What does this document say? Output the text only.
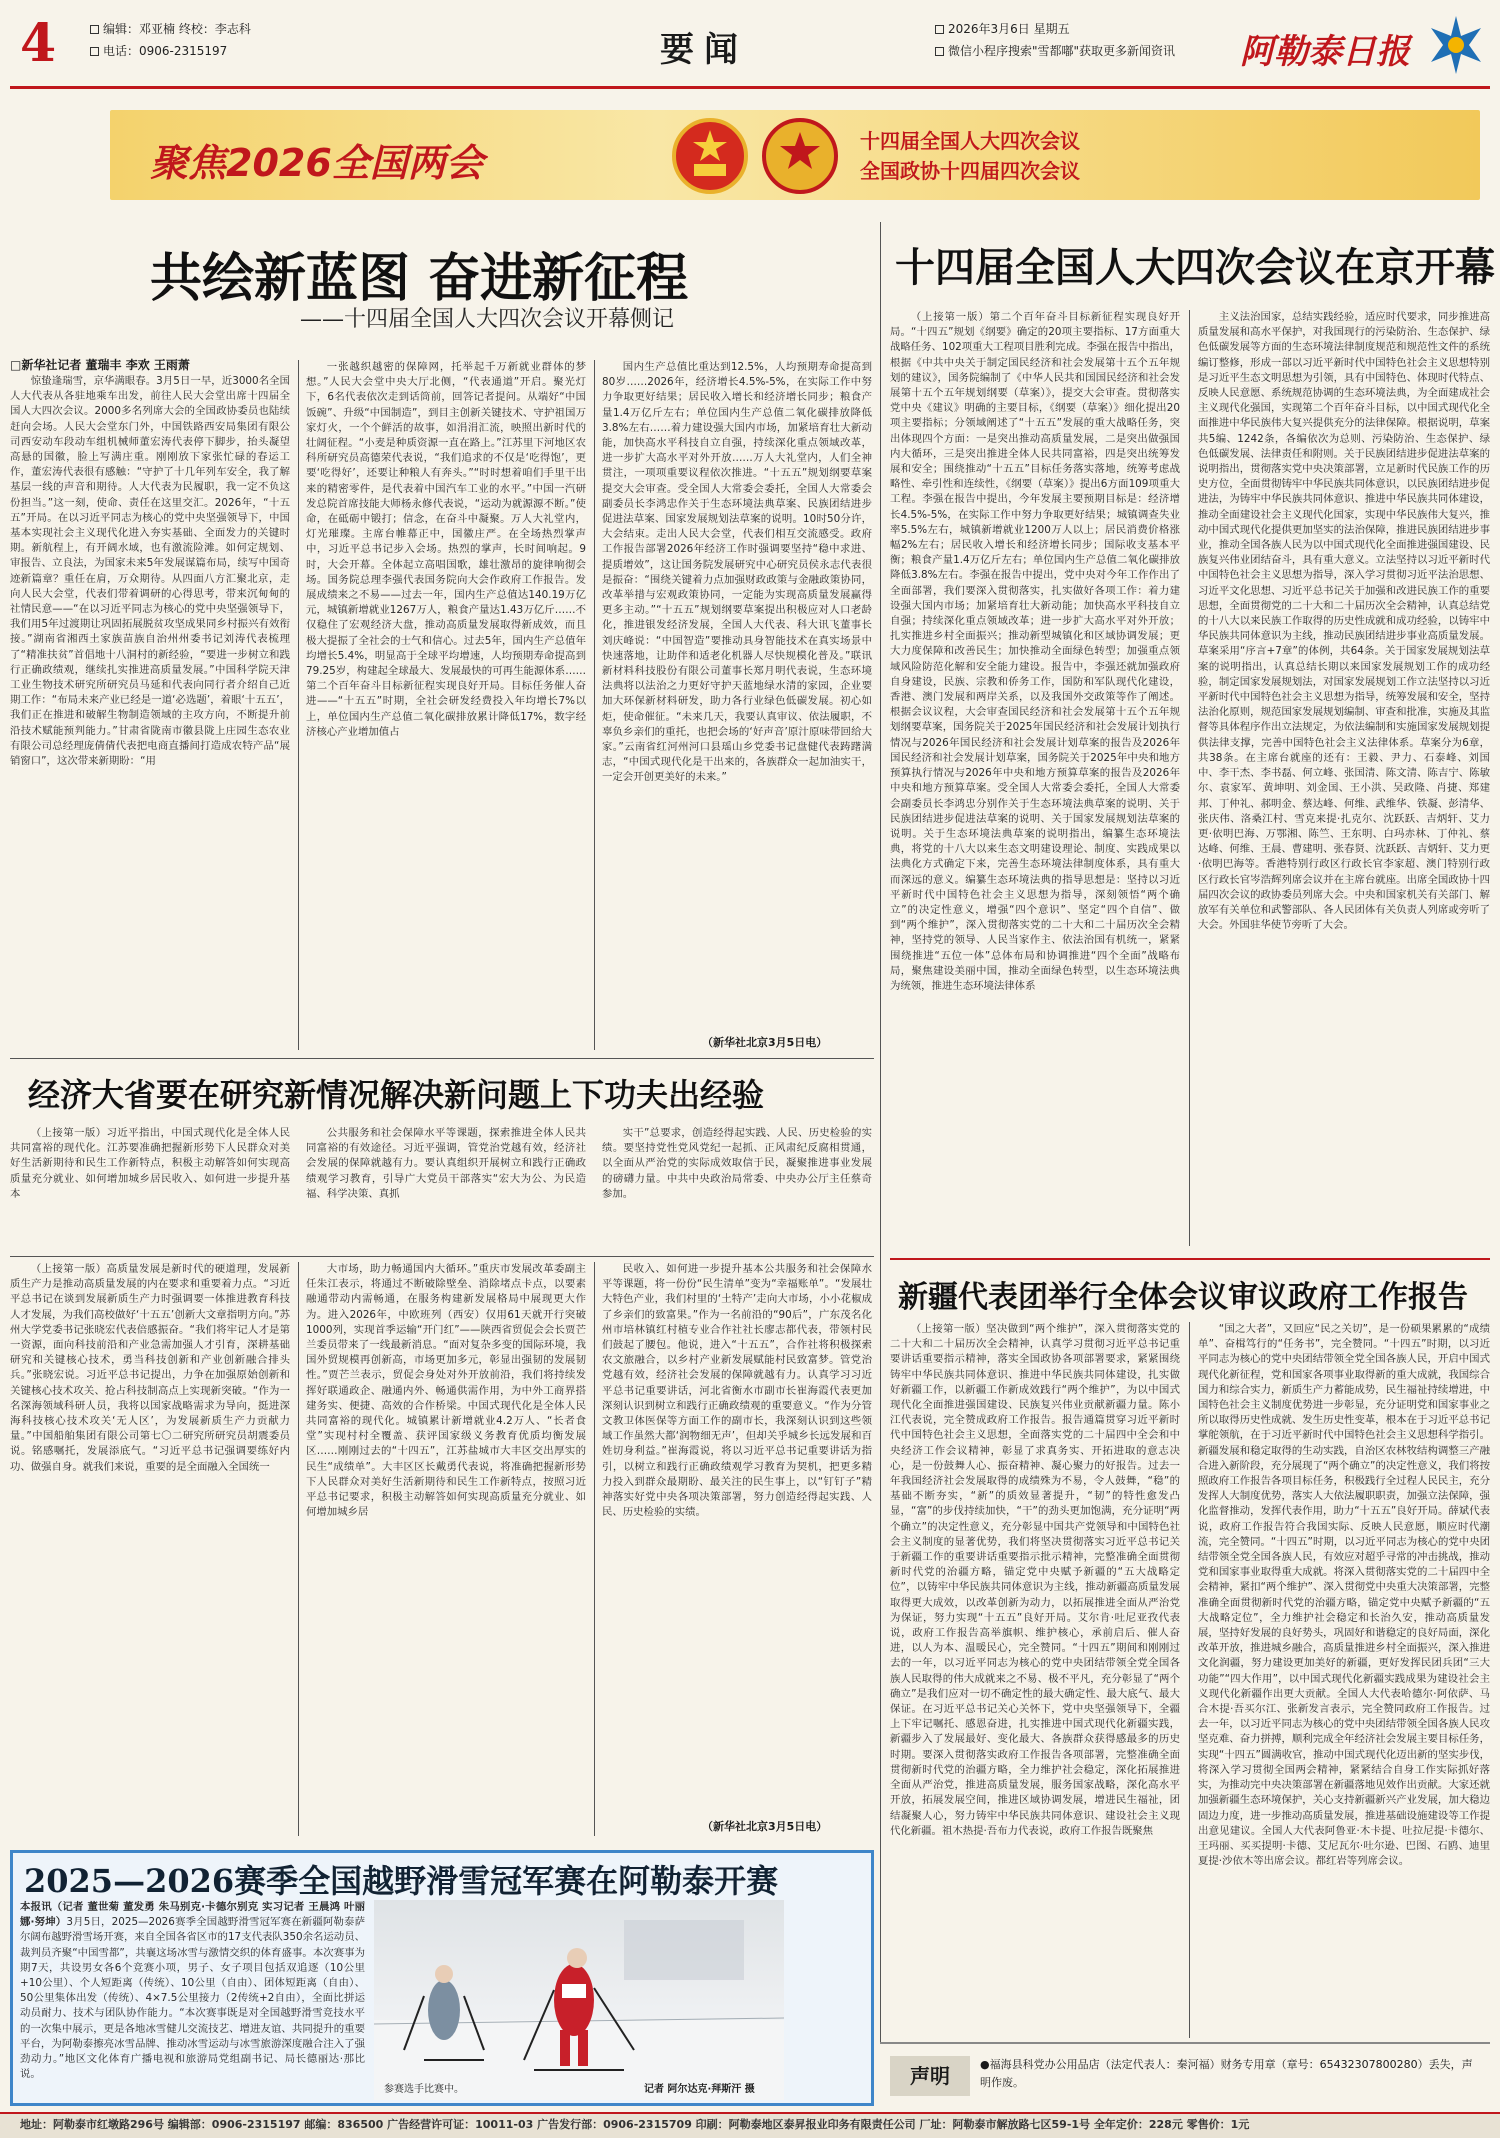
4	编辑：邓亚楠 终校：李志科
电话：0906-2315197	要闻
2026年3月6日 星期五
微信小程序搜索"雪都嘟"获取更多新闻资讯 阿勒泰日报
聚焦2026全国两会	十四届全国人大四次会议
全国政协十四届四次会议
共绘新蓝图 奋进新征程
——十四届全国人大四次会议开幕侧记
□新华社记者 董瑞丰 李欢 王雨萧

惊蛰逢瑞雪，京华满眼春。3月5日一早，近3000名全国人大代表从各驻地乘车出发，前往人民大会堂出席十四届全国人大四次会议。2000多名列席大会的全国政协委员也陆续赶向会场。人民大会堂东门外，中国铁路西安局集团有限公司西安动车段动车组机械师董宏涛代表停下脚步，抬头凝望高悬的国徽，脸上写满庄重。刚刚放下家张忙碌的春运工作，董宏涛代表很有感触：“守护了十几年列车安全，我了解基层一线的声音和期待。人大代表为民履职，我一定不负这份担当。”这一刻，使命、责任在这里交汇。2026年，“十五五”开局。在以习近平同志为核心的党中央坚强领导下，中国基本实现社会主义现代化进入夯实基础、全面发力的关键时期。新航程上，有开阔水域，也有激流险滩。如何定规划、审报告、立良法，为国家未来5年发展谋篇布局，续写中国奇迹新篇章？重任在肩，万众期待。从四面八方汇聚北京，走向人民大会堂，代表们带着调研的心得思考，带来沉甸甸的社情民意——“在以习近平同志为核心的党中央坚强领导下，我们用5年过渡期让巩固拓展脱贫攻坚成果同乡村振兴有效衔接。”湖南省湘西土家族苗族自治州州委书记刘涛代表梳理了“精准扶贫”首倡地十八洞村的新经验，“要进一步树立和践行正确政绩观，继续扎实推进高质量发展。”中国科学院天津工业生物技术研究所研究员马延和代表向同行者介绍自己近期工作：“布局未来产业已经是一道‘必选题’，着眼‘十五五’，我们正在推进和破解生物制造领域的主攻方向，不断提升前沿技术赋能预判能力。”甘肃省陇南市徽县陇上庄园生态农业有限公司总经理庞倩倩代表把电商直播间打造成农特产品“展销窗口”，这次带来新期盼：“用

一张越织越密的保障网，托举起千万新就业群体的梦想。”人民大会堂中央大厅北侧，“代表通道”开启。聚光灯下，6名代表依次走到话筒前，回答记者提问。从端好“中国饭碗”、升级“中国制造”，到目主创新关键技术、守护祖国万家灯火，一个个鲜活的故事，如涓涓汇流，映照出新时代的壮阔征程。“小麦是种质资源一直在路上。”江苏里下河地区农科所研究员高德荣代表说，“我们追求的不仅是‘吃得饱’，更要‘吃得好’，还要让种粮人有奔头。”“时时想着咱们手里干出来的精密零件，是代表着中国汽车工业的水平。”中国一汽研发总院首席技能大师杨永修代表说，“运动为就源源不断。”使命，在砥砺中锻打；信念，在奋斗中凝聚。万人大礼堂内，灯光璀璨。主席台帷幕正中，国徽庄严。在全场热烈掌声中，习近平总书记步入会场。热烈的掌声，长时间响起。9时，大会开幕。全体起立高唱国歌，雄壮激昂的旋律响彻会场。国务院总理李强代表国务院向大会作政府工作报告。发展成绩来之不易——过去一年，国内生产总值达140.19万亿元，城镇新增就业1267万人，粮食产量达1.43万亿斤……不仅稳住了宏观经济大盘，推动高质量发展取得新成效，而且极大提振了全社会的士气和信心。过去5年，国内生产总值年均增长5.4%，明显高于全球平均增速，人均预期寿命提高到79.25岁，构建起全球最大、发展最快的可再生能源体系……第二个百年奋斗目标新征程实现良好开局。目标任务催人奋进——“十五五”时期，全社会研发经费投入年均增长7%以上，单位国内生产总值二氧化碳排放累计降低17%，数字经济核心产业增加值占

国内生产总值比重达到12.5%，人均预期寿命提高到80岁……2026年，经济增长4.5%-5%，在实际工作中努力争取更好结果；居民收入增长和经济增长同步；粮食产量1.4万亿斤左右；单位国内生产总值二氧化碳排放降低3.8%左右……着力建设强大国内市场，加紧培育壮大新动能，加快高水平科技自立自强，持续深化重点领域改革，进一步扩大高水平对外开放……万人大礼堂内，人们全神贯注，一项项重要议程依次推进。“十五五”规划纲要草案提交大会审查。受全国人大常委会委托，全国人大常委会副委员长李鸿忠作关于生态环境法典草案、民族团结进步促进法草案、国家发展规划法草案的说明。10时50分许，大会结束。走出人民大会堂，代表们相互交流感受。政府工作报告部署2026年经济工作时强调要坚持“稳中求进、提质增效”，这让国务院发展研究中心研究员侯永志代表很是振奋：“围绕关键着力点加强财政政策与金融政策协同，改革举措与宏观政策协同，一定能为实现高质量发展赢得更多主动。”“十五五”规划纲要草案提出积极应对人口老龄化，推进银发经济发展，全国人大代表、科大讯飞董事长刘庆峰说：“中国智造”要推动具身智能技术在真实场景中快速落地，让助伴和适老化机器人尽快规模化普及。”联讯新材料科技股份有限公司董事长郑月明代表说，生态环境法典将以法治之力更好守护天蓝地绿水清的家园，企业要加大环保新材料研发，助力各行业绿色低碳发展。初心如炬，使命催征。“未来几天，我要认真审议、依法履职，不辜负乡亲们的重托，也把会场的‘好声音’原汁原味带回给大家。”云南省红河州河口县瑶山乡党委书记盘健代表踌躇满志，“中国式现代化是干出来的，各族群众一起加油实干，一定会开创更美好的未来。”

（新华社北京3月5日电）
十四届全国人大四次会议在京开幕

（上接第一版）第二个百年奋斗目标新征程实现良好开局。“十四五”规划《纲要》确定的20项主要指标、17方面重大战略任务、102项重大工程项目胜利完成。李强在报告中指出，根据《中共中央关于制定国民经济和社会发展第十五个五年规划的建议》，国务院编制了《中华人民共和国国民经济和社会发展第十五个五年规划纲要（草案）》，提交大会审查。贯彻落实党中央《建议》明确的主要目标，《纲要（草案）》细化提出20项主要指标；分领域阐述了“十五五”发展的重大战略任务，突出体现四个方面：一是突出推动高质量发展，二是突出做强国内大循环，三是突出推进全体人民共同富裕，四是突出统筹发展和安全；围绕推动“十五五”目标任务落实落地，统筹考虑战略性、牵引性和连续性，《纲要（草案）》提出6方面109项重大工程。李强在报告中提出，今年发展主要预期目标是：经济增长4.5%-5%，在实际工作中努力争取更好结果；城镇调查失业率5.5%左右，城镇新增就业1200万人以上；居民消费价格涨幅2%左右；居民收入增长和经济增长同步；国际收支基本平衡；粮食产量1.4万亿斤左右；单位国内生产总值二氧化碳排放降低3.8%左右。李强在报告中提出，党中央对今年工作作出了全面部署，我们要深入贯彻落实，扎实做好各项工作：着力建设强大国内市场；加紧培育壮大新动能；加快高水平科技自立自强；持续深化重点领域改革；进一步扩大高水平对外开放；扎实推进乡村全面振兴；推动新型城镇化和区域协调发展；更大力度保障和改善民生；加快推动全面绿色转型；加强重点领域风险防范化解和安全能力建设。报告中，李强还就加强政府自身建设，民族、宗教和侨务工作，国防和军队现代化建设，香港、澳门发展和两岸关系，以及我国外交政策等作了阐述。根据会议议程，大会审查国民经济和社会发展第十五个五年规划纲要草案，国务院关于2025年国民经济和社会发展计划执行情况与2026年国民经济和社会发展计划草案的报告及2026年国民经济和社会发展计划草案，国务院关于2025年中央和地方预算执行情况与2026年中央和地方预算草案的报告及2026年中央和地方预算草案。受全国人大常委会委托，全国人大常委会副委员长李鸿忠分别作关于生态环境法典草案的说明、关于民族团结进步促进法草案的说明、关于国家发展规划法草案的说明。关于生态环境法典草案的说明指出，编纂生态环境法典，将党的十八大以来生态文明建设理论、制度、实践成果以法典化方式确定下来，完善生态环境法律制度体系，具有重大而深远的意义。编纂生态环境法典的指导思想是：坚持以习近平新时代中国特色社会主义思想为指导，深刻领悟“两个确立”的决定性意义，增强“四个意识”、坚定“四个自信”、做到“两个维护”，深入贯彻落实党的二十大和二十届历次全会精神，坚持党的领导、人民当家作主、依法治国有机统一，紧紧围绕推进“五位一体”总体布局和协调推进“四个全面”战略布局，聚焦建设美丽中国，推动全面绿色转型，以生态环境法典为统领，推进生态环境法律体系

主义法治国家，总结实践经验，适应时代要求，同步推进高质量发展和高水平保护，对我国现行的污染防治、生态保护、绿色低碳发展等方面的生态环境法律制度规范和规范性文件的系统编订整修，形成一部以习近平新时代中国特色社会主义思想特别是习近平生态文明思想为引领，具有中国特色、体现时代特点、反映人民意愿、系统规范协调的生态环境法典，为全面建成社会主义现代化强国，实现第二个百年奋斗目标，以中国式现代化全面推进中华民族伟大复兴提供充分的法律保障。根据说明，草案共5编、1242条，各编依次为总则、污染防治、生态保护、绿色低碳发展、法律责任和附则。关于民族团结进步促进法草案的说明指出，贯彻落实党中央决策部署，立足新时代民族工作的历史方位，全面贯彻铸牢中华民族共同体意识，以民族团结进步促进法，为铸牢中华民族共同体意识、推进中华民族共同体建设，推动全面建设社会主义现代化国家，实现中华民族伟大复兴，推动中国式现代化提供更加坚实的法治保障，推进民族团结进步事业，推动全国各族人民为以中国式现代化全面推进强国建设、民族复兴伟业团结奋斗，具有重大意义。立法坚持以习近平新时代中国特色社会主义思想为指导，深入学习贯彻习近平法治思想、习近平文化思想、习近平总书记关于加强和改进民族工作的重要思想，全面贯彻党的二十大和二十届历次全会精神，认真总结党的十八大以来民族工作取得的历史性成就和成功经验，以铸牢中华民族共同体意识为主线，推动民族团结进步事业高质量发展。草案采用“序言+7章”的体例，共64条。关于国家发展规划法草案的说明指出，认真总结长期以来国家发展规划工作的成功经验，制定国家发展规划法，对国家发展规划工作立法坚持以习近平新时代中国特色社会主义思想为指导，统筹发展和安全，坚持法治化原则，规范国家发展规划编制、审查和批准，实施及其监督等具体程序作出立法规定，为依法编制和实施国家发展规划提供法律支撑，完善中国特色社会主义法律体系。草案分为6章，共38条。在主席台就座的还有：王毅、尹力、石泰峰、刘国中、李干杰、李书磊、何立峰、张国清、陈文清、陈吉宁、陈敏尔、袁家军、黄坤明、刘金国、王小洪、吴政隆、肖捷、郑建邦、丁仲礼、郝明金、蔡达峰、何维、武维华、铁凝、彭清华、张庆伟、洛桑江村、雪克来提·扎克尔、沈跃跃、吉炳轩、艾力更·依明巴海、万鄂湘、陈竺、王东明、白玛赤林、丁仲礼、蔡达峰、何维、王晨、曹建明、张春贤、沈跃跃、吉炳轩、艾力更·依明巴海等。香港特别行政区行政长官李家超、澳门特别行政区行政长官岑浩辉列席会议并在主席台就座。出席全国政协十四届四次会议的政协委员列席大会。中央和国家机关有关部门、解放军有关单位和武警部队、各人民团体有关负责人列席或旁听了大会。外国驻华使节旁听了大会。

经济大省要在研究新情况解决新问题上下功夫出经验

（上接第一版）习近平指出，中国式现代化是全体人民共同富裕的现代化。江苏要准确把握新形势下人民群众对美好生活新期待和民生工作新特点，积极主动解答如何实现高质量充分就业、如何增加城乡居民收入、如何进一步提升基本

公共服务和社会保障水平等课题，探索推进全体人民共同富裕的有效途径。习近平强调，管党治党越有效，经济社会发展的保障就越有力。要认真组织开展树立和践行正确政绩观学习教育，引导广大党员干部落实“宏大为公、为民造福、科学决策、真抓

实干”总要求，创造经得起实践、人民、历史检验的实绩。要坚持党性党风党纪一起抓、正风肃纪反腐相贯通，以全面从严治党的实际成效取信于民，凝聚推进事业发展的磅礴力量。中共中央政治局常委、中央办公厅主任蔡奇参加。

（上接第一版）高质量发展是新时代的硬道理，发展新质生产力是推动高质量发展的内在要求和重要着力点。“习近平总书记在谈到发展新质生产力时强调要一体推进教育科技人才发展，为我们高校做好‘十五五’创新大文章指明方向。”苏州大学党委书记张晓宏代表倍感振奋。“我们将牢记人才是第一资源，面向科技前沿和产业急需加强人才引育，深耕基础研究和关键核心技术，勇当科技创新和产业创新融合排头兵。”张晓宏说。习近平总书记提出，力争在加强原始创新和关键核心技术攻关、抢占科技制高点上实现新突破。“作为一名深海领域科研人员，我将以国家战略需求为导向，挺进深海科技核心技术攻关‘无人区’，为发展新质生产力贡献力量。”中国船舶集团有限公司第七〇二研究所研究员胡震委员说。铭感嘱托，发展添底气。“习近平总书记强调要练好内功、做强自身。就我们来说，重要的是全面融入全国统一

大市场，助力畅通国内大循环。”重庆市发展改革委副主任朱江表示，将通过不断破除壁垒、消除堵点卡点，以要素融通带动内需畅通，在服务构建新发展格局中展现更大作为。进入2026年，中欧班列（西安）仅用61天就开行突破1000列，实现首季运输“开门红”——陕西省贸促会会长贾芒兰委员带来了一线最新消息。“面对复杂多变的国际环境，我国外贸规模再创新高，市场更加多元，彰显出强韧的发展韧性。”贾芒兰表示，贸促会身处对外开放前沿，我们将持续发挥好联通政企、融通内外、畅通供需作用，为中外工商界搭建务实、便捷、高效的合作桥梁。中国式现代化是全体人民共同富裕的现代化。城镇累计新增就业4.2万人、“长者食堂”实现村村全覆盖、获评国家级义务教育优质均衡发展区……刚刚过去的“十四五”，江苏盐城市大丰区交出厚实的民生“成绩单”。大丰区区长戴勇代表说，将准确把握新形势下人民群众对美好生活新期待和民生工作新特点，按照习近平总书记要求，积极主动解答如何实现高质量充分就业、如何增加城乡居

民收入、如何进一步提升基本公共服务和社会保障水平等课题，将一份份“民生清单”变为“幸福账单”。“发展壮大特色产业，我们村里的‘土特产’走向大市场，小小花椒成了乡亲们的致富果。”作为一名前沿的“90后”，广东茂名化州市培林镇红村植专业合作社社长廖志都代表，带领村民们鼓起了腰包。他说，进入“十五五”，合作社将积极探索农文旅融合，以乡村产业新发展赋能村民致富梦。管党治党越有效，经济社会发展的保障就越有力。认真学习习近平总书记重要讲话，河北省衡水市副市长崔海霞代表更加深刻认识到树立和践行正确政绩观的重要意义。“作为分管文教卫体医保等方面工作的副市长，我深刻认识到这些领域工作虽然大都‘润物细无声’，但却关乎城乡长远发展和百姓切身利益。”崔海霞说，将以习近平总书记重要讲话为指引，以树立和践行正确政绩观学习教育为契机，把更多精力投入到群众最期盼、最关注的民生事上，以“钉钉子”精神落实好党中央各项决策部署，努力创造经得起实践、人民、历史检验的实绩。

（新华社北京3月5日电）
2025—2026赛季全国越野滑雪冠军赛在阿勒泰开赛
本报讯（记者 董世菊 董发勇 朱马别克·卡德尔别克 实习记者 王晨鸿 叶丽娜·努坤）3月5日，2025—2026赛季全国越野滑雪冠军赛在新疆阿勒泰萨尔阔布越野滑雪场开赛，来自全国各省区市的17支代表队350余名运动员、裁判员齐聚“中国雪都”，共襄这场冰雪与激情交织的体育盛事。本次赛事为期7天，共设男女各6个竞赛小项，男子、女子项目包括双追逐（10公里+10公里）、个人短距离（传统）、10公里（自由）、团体短距离（自由）、50公里集体出发（传统）、4×7.5公里接力（2传统+2自由），全面比拼运动员耐力、技术与团队协作能力。“本次赛事既是对全国越野滑雪竞技水平的一次集中展示，更是各地冰雪健儿交流技艺、增进友谊、共同提升的重要平台，为阿勒泰擦亮冰雪品牌、推动冰雪运动与冰雪旅游深度融合注入了强劲动力。”地区文化体育广播电视和旅游局党组副书记、局长德丽达·那比说。
参赛选手比赛中。	记者 阿尔达克·拜斯汗 摄
新疆代表团举行全体会议审议政府工作报告

（上接第一版）坚决做到“两个维护”，深入贯彻落实党的二十大和二十届历次全会精神，认真学习贯彻习近平总书记重要讲话重要指示精神，落实全国政协各项部署要求，紧紧围绕铸牢中华民族共同体意识、推进中华民族共同体建设，扎实做好新疆工作，以新疆工作新成效践行“两个维护”，为以中国式现代化全面推进强国建设、民族复兴伟业贡献新疆力量。陈小江代表说，完全赞成政府工作报告。报告通篇贯穿习近平新时代中国特色社会主义思想，全面落实党的二十届四中全会和中央经济工作会议精神，彰显了求真务实、开拓进取的意志决心，是一份鼓舞人心、振奋精神、凝心聚力的好报告。过去一年我国经济社会发展取得的成绩殊为不易，令人鼓舞，“稳”的基础不断夯实，“新”的质效显著提升，“韧”的特性愈发凸显，“富”的步伐持续加快，“干”的劲头更加饱满，充分证明“两个确立”的决定性意义，充分彰显中国共产党领导和中国特色社会主义制度的显著优势，我们将坚决贯彻落实习近平总书记关于新疆工作的重要讲话重要指示批示精神，完整准确全面贯彻新时代党的治疆方略，锚定党中央赋予新疆的“五大战略定位”，以铸牢中华民族共同体意识为主线，推动新疆高质量发展取得更大成效，以改革创新为动力，以拓展推进全面从严治党为保证，努力实现“十五五”良好开局。艾尔肯·吐尼亚孜代表说，政府工作报告高举旗帜、维护核心，承前启后、催人奋进，以人为本、温暖民心，完全赞同。“十四五”期间和刚刚过去的一年，以习近平同志为核心的党中央团结带领全党全国各族人民取得的伟大成就来之不易、极不平凡，充分彰显了“两个确立”是我们应对一切不确定性的最大确定性、最大底气、最大保证。在习近平总书记关心关怀下，党中央坚强领导下，全疆上下牢记嘱托、感恩奋进，扎实推进中国式现代化新疆实践，新疆步入了发展最好、变化最大、各族群众获得感最多的历史时期。要深入贯彻落实政府工作报告各项部署，完整准确全面贯彻新时代党的治疆方略，全力维护社会稳定，深化拓展推进全面从严治党，推进高质量发展，服务国家战略，深化高水平开放，拓展发展空间，推进区域协调发展，增进民生福祉，团结凝聚人心，努力铸牢中华民族共同体意识、建设社会主义现代化新疆。祖木热提·吾布力代表说，政府工作报告既聚焦

“国之大者”，又回应“民之关切”，是一份硕果累累的“成绩单”、奋楫笃行的“任务书”，完全赞同。“十四五”时期，以习近平同志为核心的党中央团结带领全党全国各族人民，开启中国式现代化新征程，党和国家各项事业取得新的重大成就，我国综合国力和综合实力，新质生产力蓄能成势，民生福祉持续增进，中国特色社会主义制度优势进一步彰显，充分证明党和国家事业之所以取得历史性成就、发生历史性变革，根本在于习近平总书记掌舵领航，在于习近平新时代中国特色社会主义思想科学指引。新疆发展和稳定取得的生动实践，自治区农林牧结构调整三产融合进入新阶段，充分展现了“两个确立”的决定性意义，我们将按照政府工作报告各项目标任务，积极践行全过程人民民主，充分发挥人大制度优势，落实人大依法履职职责，加强立法保障，强化监督推动，发挥代表作用，助力“十五五”良好开局。薛斌代表说，政府工作报告符合我国实际、反映人民意愿，顺应时代潮流，完全赞同。“十四五”时期，以习近平同志为核心的党中央团结带领全党全国各族人民，有效应对超乎寻常的冲击挑战，推动党和国家事业取得重大成就。将深入贯彻落实党的二十届四中全会精神，紧扣“两个维护”、深入贯彻党中央重大决策部署，完整准确全面贯彻新时代党的治疆方略，锚定党中央赋予新疆的“五大战略定位”，全力维护社会稳定和长治久安，推动高质量发展，坚持好发展的良好势头，巩固好和谐稳定的良好局面，深化改革开放，推进城乡融合，高质量推进乡村全面振兴，深入推进文化润疆，努力建设更加美好的新疆，更好发挥民团兵团“三大功能”“四大作用”，以中国式现代化新疆实践成果为建设社会主义现代化新疆作出更大贡献。全国人大代表哈德尔·阿依萨、马合木提·吾买尔江、张新发言表示，完全赞同政府工作报告。过去一年，以习近平同志为核心的党中央团结带领全国各族人民攻坚克难、奋力拼搏，顺利完成全年经济社会发展主要目标任务，实现“十四五”圆满收官，推动中国式现代化迈出新的坚实步伐，将深入学习贯彻全国两会精神，紧紧结合自身工作实际抓好落实，为推动完中央决策部署在新疆落地见效作出贡献。大家还就加强新疆生态环境保护，关心支持新疆新兴产业发展，加大稳边固边力度，进一步推动高质量发展，推进基础设施建设等工作提出意见建议。全国人大代表阿鲁亚·木卡提、吐拉尼提·卡德尔、王玛丽、买买提明·卡德、艾尼瓦尔·吐尔逊、巴图、石鸥、迪里夏提·沙依木等出席会议。都红岩等列席会议。

声明	●福海县科党办公用品店（法定代表人：秦河福）财务专用章（章号：6543230780028​0）丢失，声明作废。
地址：阿勒泰市红墩路296号 编辑部：0906-2315197 邮编：836500 广告经营许可证：10011-03 广告发行部：0906-2315709 印刷：阿勒泰地区泰昇报业印务有限责任公司 厂址：阿勒泰市解放路七区59-1号 全年定价：228元 零售价：1元
